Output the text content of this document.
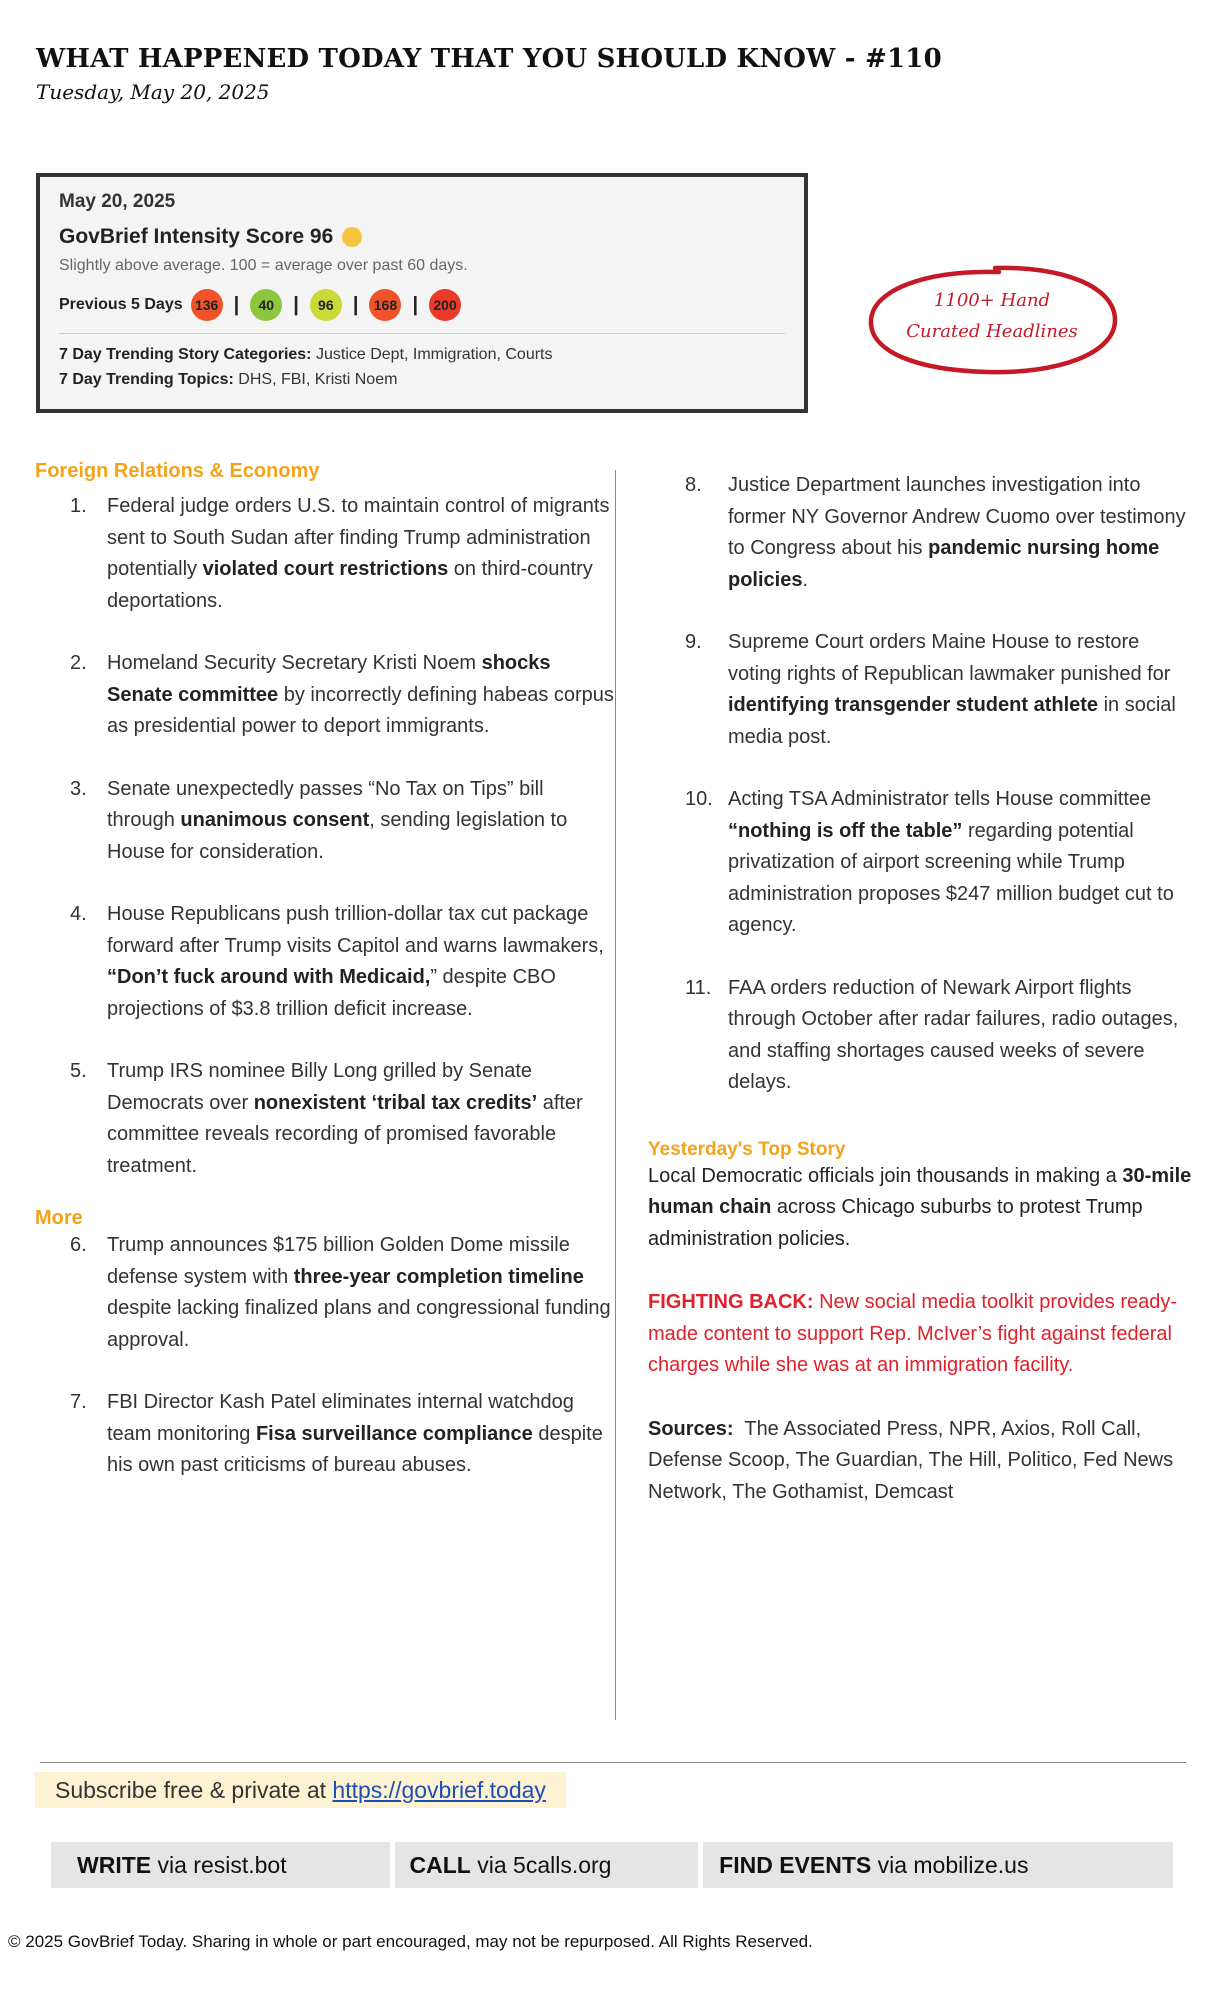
WHAT HAPPENED TODAY THAT YOU SHOULD KNOW - #110
Tuesday, May 20, 2025
May 20, 2025
GovBrief Intensity Score 96
Slightly above average. 100 = average over past 60 days.
Previous 5 Days 136 |	40 |	96 |	168 |	200
7 Day Trending Story Categories: Justice Dept, Immigration, Courts
7 Day Trending Topics: DHS, FBI, Kristi Noem
1100+ Hand
Curated Headlines
Foreign Relations & Economy
1. Federal judge orders U.S. to maintain control of migrants sent to South Sudan after finding Trump administration potentially violated court restrictions on third-country deportations.
2. Homeland Security Secretary Kristi Noem shocks Senate committee by incorrectly defining habeas corpus as presidential power to deport immigrants.
3. Senate unexpectedly passes “No Tax on Tips” bill through unanimous consent, sending legislation to House for consideration.
4. House Republicans push trillion-dollar tax cut package forward after Trump visits Capitol and warns lawmakers, “Don’t fuck around with Medicaid,” despite CBO projections of $3.8 trillion deficit increase.
5. Trump IRS nominee Billy Long grilled by Senate Democrats over nonexistent ‘tribal tax credits’ after committee reveals recording of promised favorable treatment.
More
6. Trump announces $175 billion Golden Dome missile defense system with three-year completion timeline despite lacking finalized plans and congressional funding approval.
7. FBI Director Kash Patel eliminates internal watchdog team monitoring Fisa surveillance compliance despite his own past criticisms of bureau abuses.
8. Justice Department launches investigation into former NY Governor Andrew Cuomo over testimony to Congress about his pandemic nursing home policies.
9. Supreme Court orders Maine House to restore voting rights of Republican lawmaker punished for identifying transgender student athlete in social media post.
10. Acting TSA Administrator tells House committee “nothing is off the table” regarding potential privatization of airport screening while Trump administration proposes $247 million budget cut to agency.
11. FAA orders reduction of Newark Airport flights through October after radar failures, radio outages, and staffing shortages caused weeks of severe delays.
Yesterday's Top Story
Local Democratic officials join thousands in making a 30-mile human chain across Chicago suburbs to protest Trump administration policies.
FIGHTING BACK: New social media toolkit provides ready-made content to support Rep. McIver’s fight against federal charges while she was at an immigration facility.
Sources:  The Associated Press, NPR, Axios, Roll Call, Defense Scoop, The Guardian, The Hill, Politico, Fed News Network, The Gothamist, Demcast
Subscribe free & private at https://govbrief.today
WRITE via resist.bot	CALL via 5calls.org	FIND EVENTS via mobilize.us
© 2025 GovBrief Today. Sharing in whole or part encouraged, may not be repurposed. All Rights Reserved.
